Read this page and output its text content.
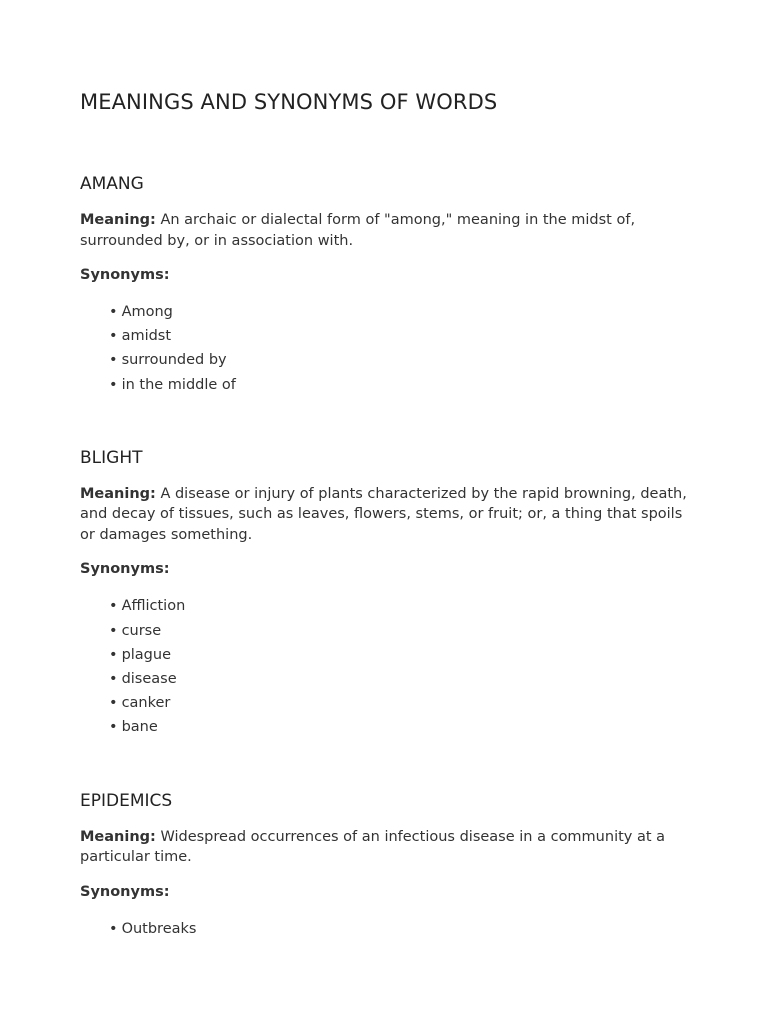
MEANINGS AND SYNONYMS OF WORDS
AMANG

Meaning: An archaic or dialectal form of "among," meaning in the midst of, surrounded by, or in association with.

Synonyms:

• Among
• amidst
• surrounded by
• in the middle of
BLIGHT

Meaning: A disease or injury of plants characterized by the rapid browning, death, and decay of tissues, such as leaves, flowers, stems, or fruit; or, a thing that spoils or damages something.

Synonyms:

• Affliction
• curse
• plague
• disease
• canker
• bane
EPIDEMICS

Meaning: Widespread occurrences of an infectious disease in a community at a particular time.

Synonyms:

• Outbreaks
